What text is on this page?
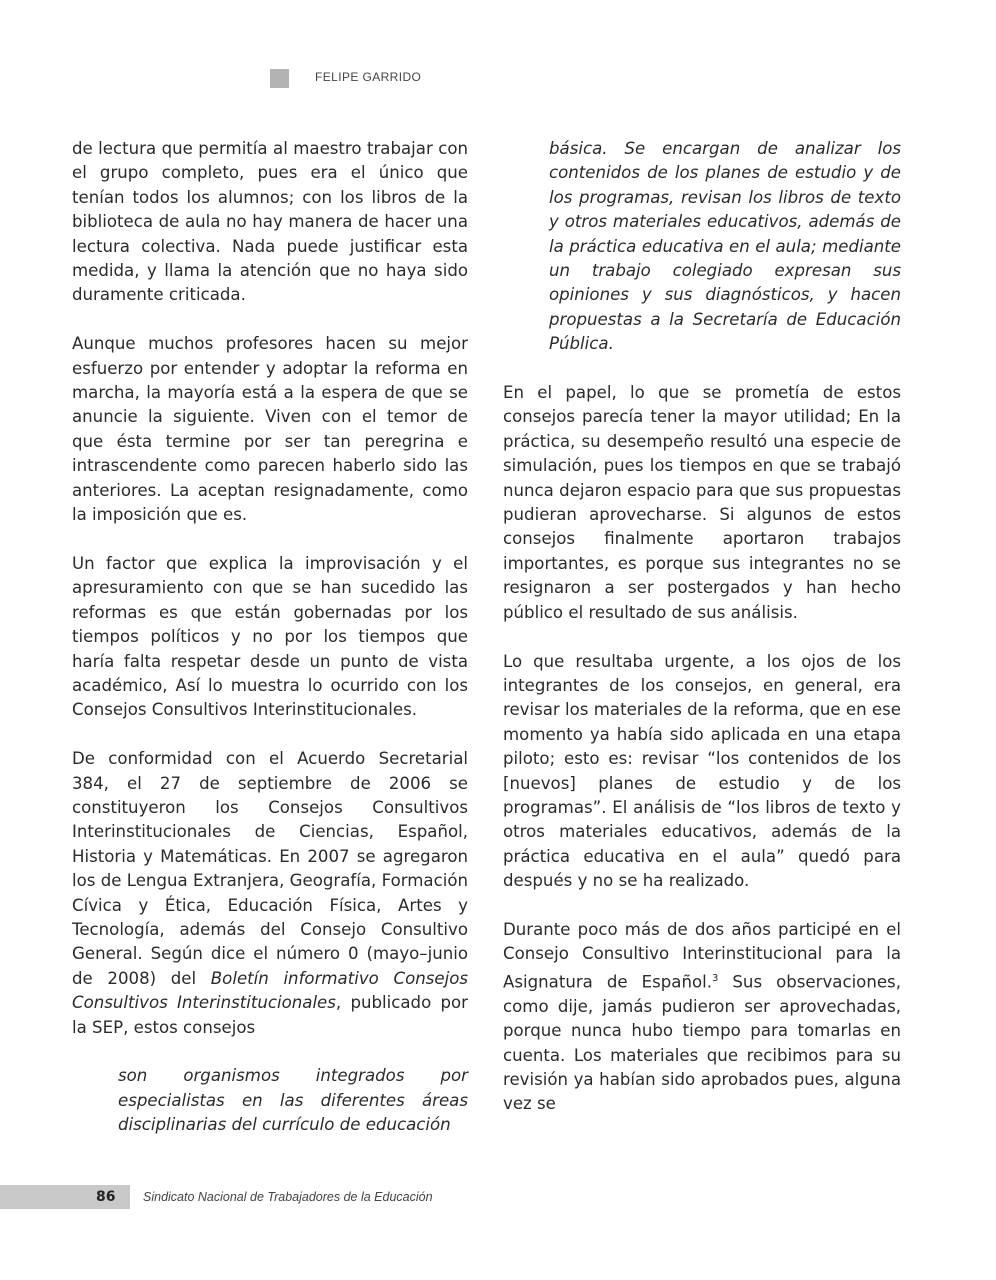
FELIPE GARRIDO

de lectura que permitía al maestro trabajar con el grupo completo, pues era el único que tenían todos los alumnos; con los libros de la biblioteca de aula no hay manera de hacer una lectura colectiva. Nada puede justificar esta medida, y llama la atención que no haya sido duramente criticada.

Aunque muchos profesores hacen su mejor esfuerzo por entender y adoptar la reforma en marcha, la mayoría está a la espera de que se anuncie la siguiente. Viven con el temor de que ésta termine por ser tan peregrina e intrascendente como parecen haberlo sido las anteriores. La aceptan resignadamente, como la imposición que es.

Un factor que explica la improvisación y el apresuramiento con que se han sucedido las reformas es que están gobernadas por los tiempos políticos y no por los tiempos que haría falta respetar desde un punto de vista académico, Así lo muestra lo ocurrido con los Consejos Consultivos Interinstitucionales.

De conformidad con el Acuerdo Secretarial 384, el 27 de septiembre de 2006 se constituyeron los Consejos Consultivos Interinstitucionales de Ciencias, Español, Historia y Matemáticas. En 2007 se agregaron los de Lengua Extranjera, Geografía, Formación Cívica y Ética, Educación Física, Artes y Tecnología, además del Consejo Consultivo General. Según dice el número 0 (mayo–junio de 2008) del Boletín informativo Consejos Consultivos Interinstitucionales, publicado por la SEP, estos consejos

son organismos integrados por especialistas en las diferentes áreas disciplinarias del currículo de educación

básica. Se encargan de analizar los contenidos de los planes de estudio y de los programas, revisan los libros de texto y otros materiales educativos, además de la práctica educativa en el aula; mediante un trabajo colegiado expresan sus opiniones y sus diagnósticos, y hacen propuestas a la Secretaría de Educación Pública.

En el papel, lo que se prometía de estos consejos parecía tener la mayor utilidad; En la práctica, su desempeño resultó una especie de simulación, pues los tiempos en que se trabajó nunca dejaron espacio para que sus propuestas pudieran aprovecharse. Si algunos de estos consejos finalmente aportaron trabajos importantes, es porque sus integrantes no se resignaron a ser postergados y han hecho público el resultado de sus análisis.

Lo que resultaba urgente, a los ojos de los integrantes de los consejos, en general, era revisar los materiales de la reforma, que en ese momento ya había sido aplicada en una etapa piloto; esto es: revisar “los contenidos de los [nuevos] planes de estudio y de los programas”. El análisis de “los libros de texto y otros materiales educativos, además de la práctica educativa en el aula” quedó para después y no se ha realizado.

Durante poco más de dos años participé en el Consejo Consultivo Interinstitucional para la Asignatura de Español.$^3$ Sus observaciones, como dije, jamás pudieron ser aprovechadas, porque nunca hubo tiempo para tomarlas en cuenta. Los materiales que recibimos para su revisión ya habían sido aprobados pues, alguna vez se

86 Sindicato Nacional de Trabajadores de la Educación
